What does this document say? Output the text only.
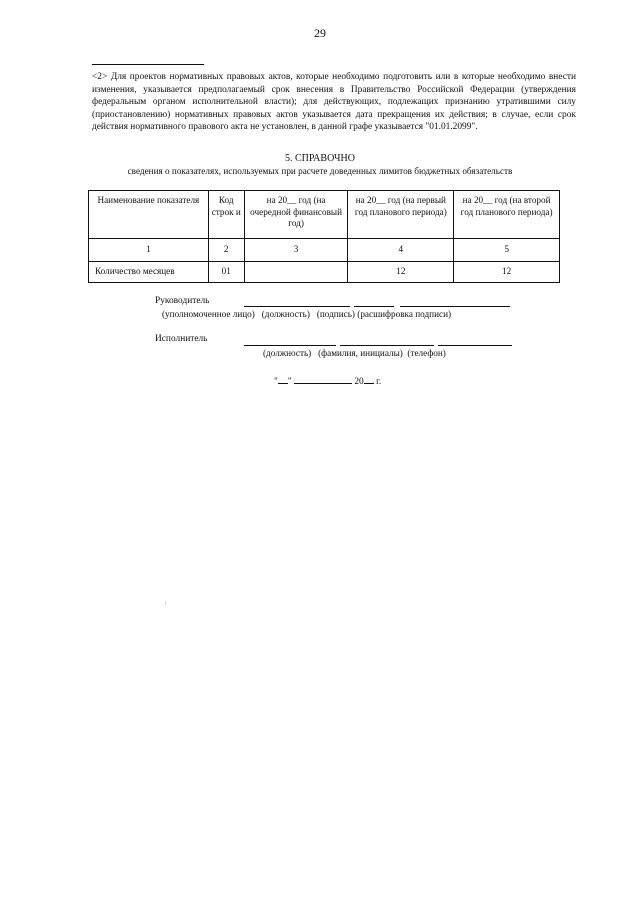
29
<2> Для проектов нормативных правовых актов, которые необходимо подготовить или в которые необходимо внести изменения, указывается предполагаемый срок внесения в Правительство Российской Федерации (утверждения федеральным органом исполнительной власти); для действующих, подлежащих признанию утратившими силу (приостановлению) нормативных правовых актов указывается дата прекращения их действия; в случае, если срок действия нормативного правового акта не установлен, в данной графе указывается "01.01.2099".
5. СПРАВОЧНО
сведения о показателях, используемых при расчете доведенных лимитов бюджетных обязательств
Наименование показателя	Код строк и	на 20__ год (на очередной финансовый год)	на 20__ год (на первый год планового периода)	на 20__ год (на второй год планового периода)
1	2	3	4	5
Количество месяцев	01		12	12
Руководитель
(уполномоченное лицо)   (должность)   (подпись) (расшифровка подписи)
Исполнитель
(должность)   (фамилия, инициалы)  (телефон)
" "	20 г.
'
